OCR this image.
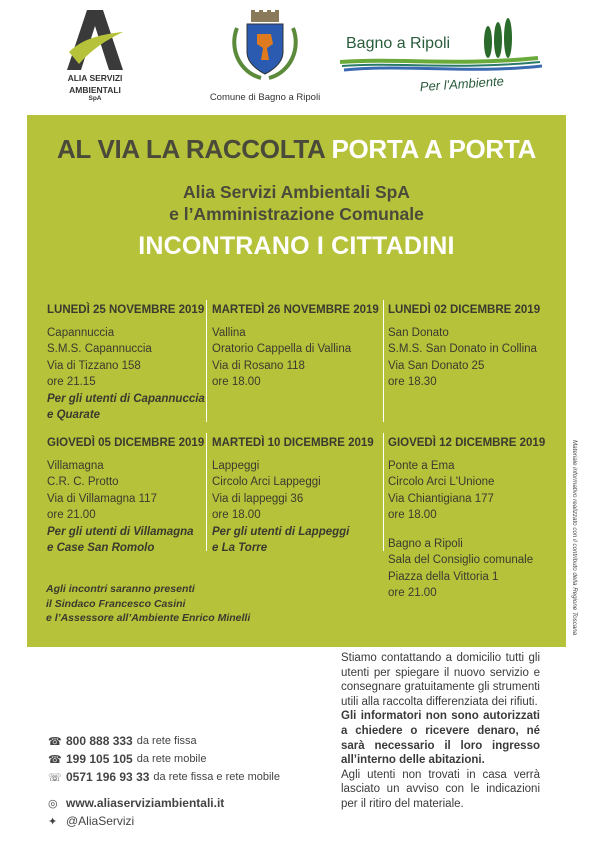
ALIA SERVIZI
AMBIENTALI
SpA	Comune di Bagno a Ripoli
Bagno a Ripoli
Per l'Ambiente
AL VIA LA RACCOLTA PORTA A PORTA
Alia Servizi Ambientali SpA
e l’Amministrazione Comunale
INCONTRANO I CITTADINI
LUNEDÌ 25 NOVEMBRE 2019
Capannuccia
S.M.S. Capannuccia
Via di Tizzano 158
ore 21.15
Per gli utenti di Capannuccia
e Quarate
MARTEDÌ 26 NOVEMBRE 2019
Vallina
Oratorio Cappella di Vallina
Via di Rosano 118
ore 18.00
LUNEDÌ 02 DICEMBRE 2019
San Donato
S.M.S. San Donato in Collina
Via San Donato 25
ore 18.30
GIOVEDÌ 05 DICEMBRE 2019
Villamagna
C.R. C. Protto
Via di Villamagna 117
ore 21.00
Per gli utenti di Villamagna
e Case San Romolo
MARTEDÌ 10 DICEMBRE 2019
Lappeggi
Circolo Arci Lappeggi
Via di lappeggi 36
ore 18.00
Per gli utenti di Lappeggi
e La Torre
GIOVEDÌ 12 DICEMBRE 2019
Ponte a Ema
Circolo Arci L'Unione
Via Chiantigiana 177
ore 18.00
Bagno a Ripoli
Sala del Consiglio comunale
Piazza della Vittoria 1
ore 21.00
Agli incontri saranno presenti
il Sindaco Francesco Casini
e l’Assessore all’Ambiente Enrico Minelli	Materiale informativo realizzato con il contributo della Regione Toscana
☎ 800 888 333 da rete fissa
☎ 199 105 105 da rete mobile
☏ 0571 196 93 33 da rete fissa e rete mobile
◎ www.aliaserviziambientali.it
✦ @AliaServizi

Stiamo contattando a domicilio tutti gli utenti per spiegare il nuovo servizio e consegnare gratuitamente gli strumenti utili alla raccolta differenziata dei rifiuti.

Gli informatori non sono autorizzati a chiedere o ricevere denaro, né sarà necessario il loro ingresso all’interno delle abitazioni.

Agli utenti non trovati in casa verrà lasciato un avviso con le indicazioni per il ritiro del materiale.
